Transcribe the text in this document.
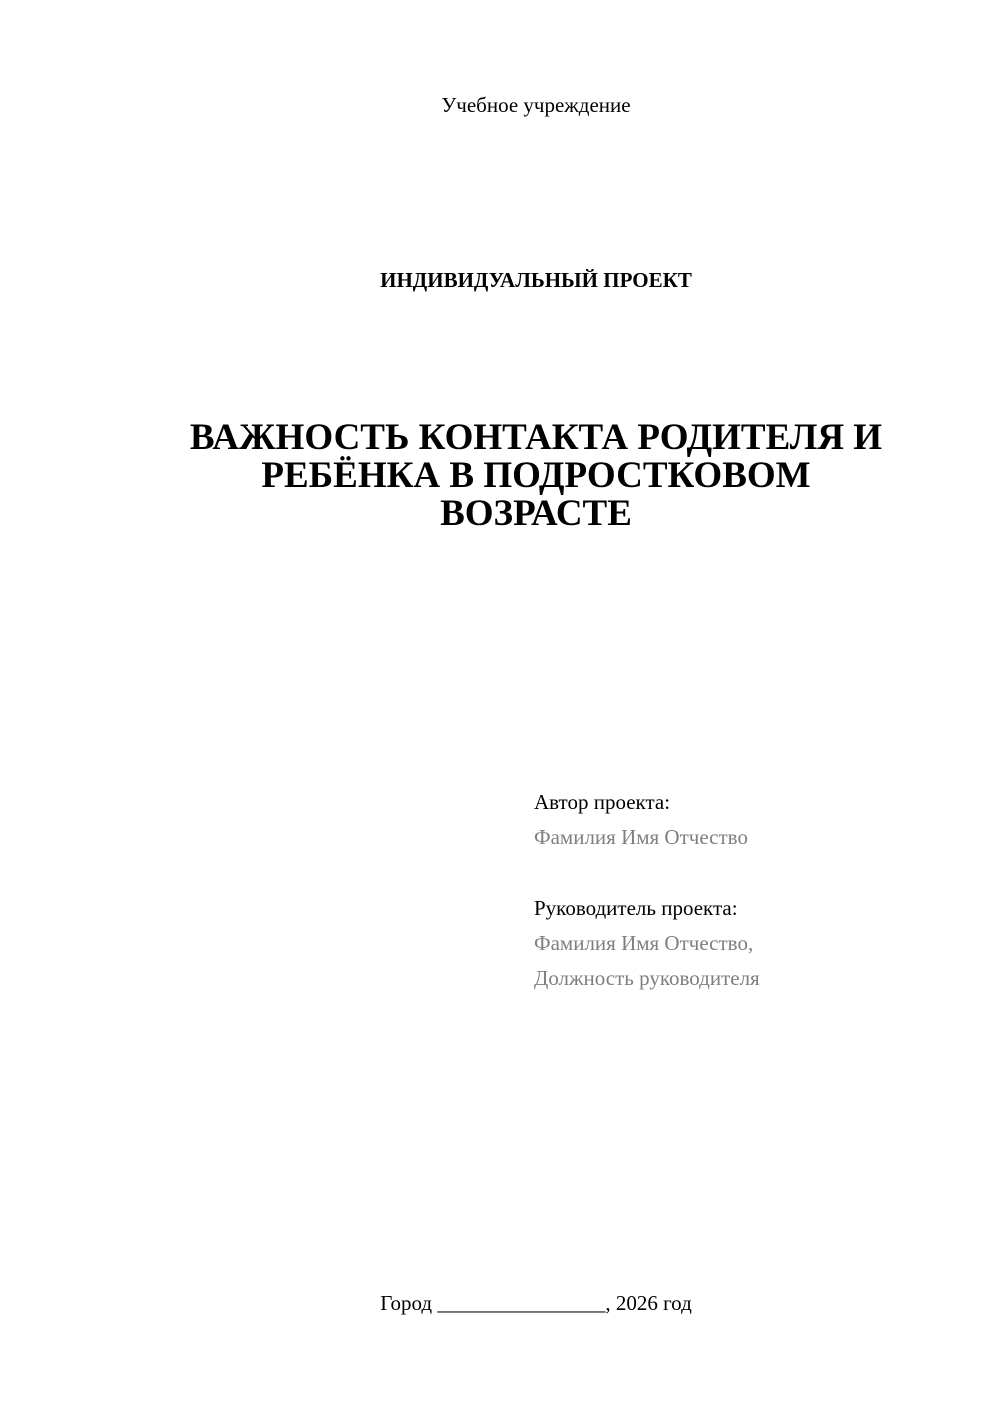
Учебное учреждение
ИНДИВИДУАЛЬНЫЙ ПРОЕКТ
ВАЖНОСТЬ КОНТАКТА РОДИТЕЛЯ И
РЕБЁНКА В ПОДРОСТКОВОМ
ВОЗРАСТЕ
Автор проекта:
Фамилия Имя Отчество
Руководитель проекта:
Фамилия Имя Отчество,
Должность руководителя
Город ________________, 2026 год
